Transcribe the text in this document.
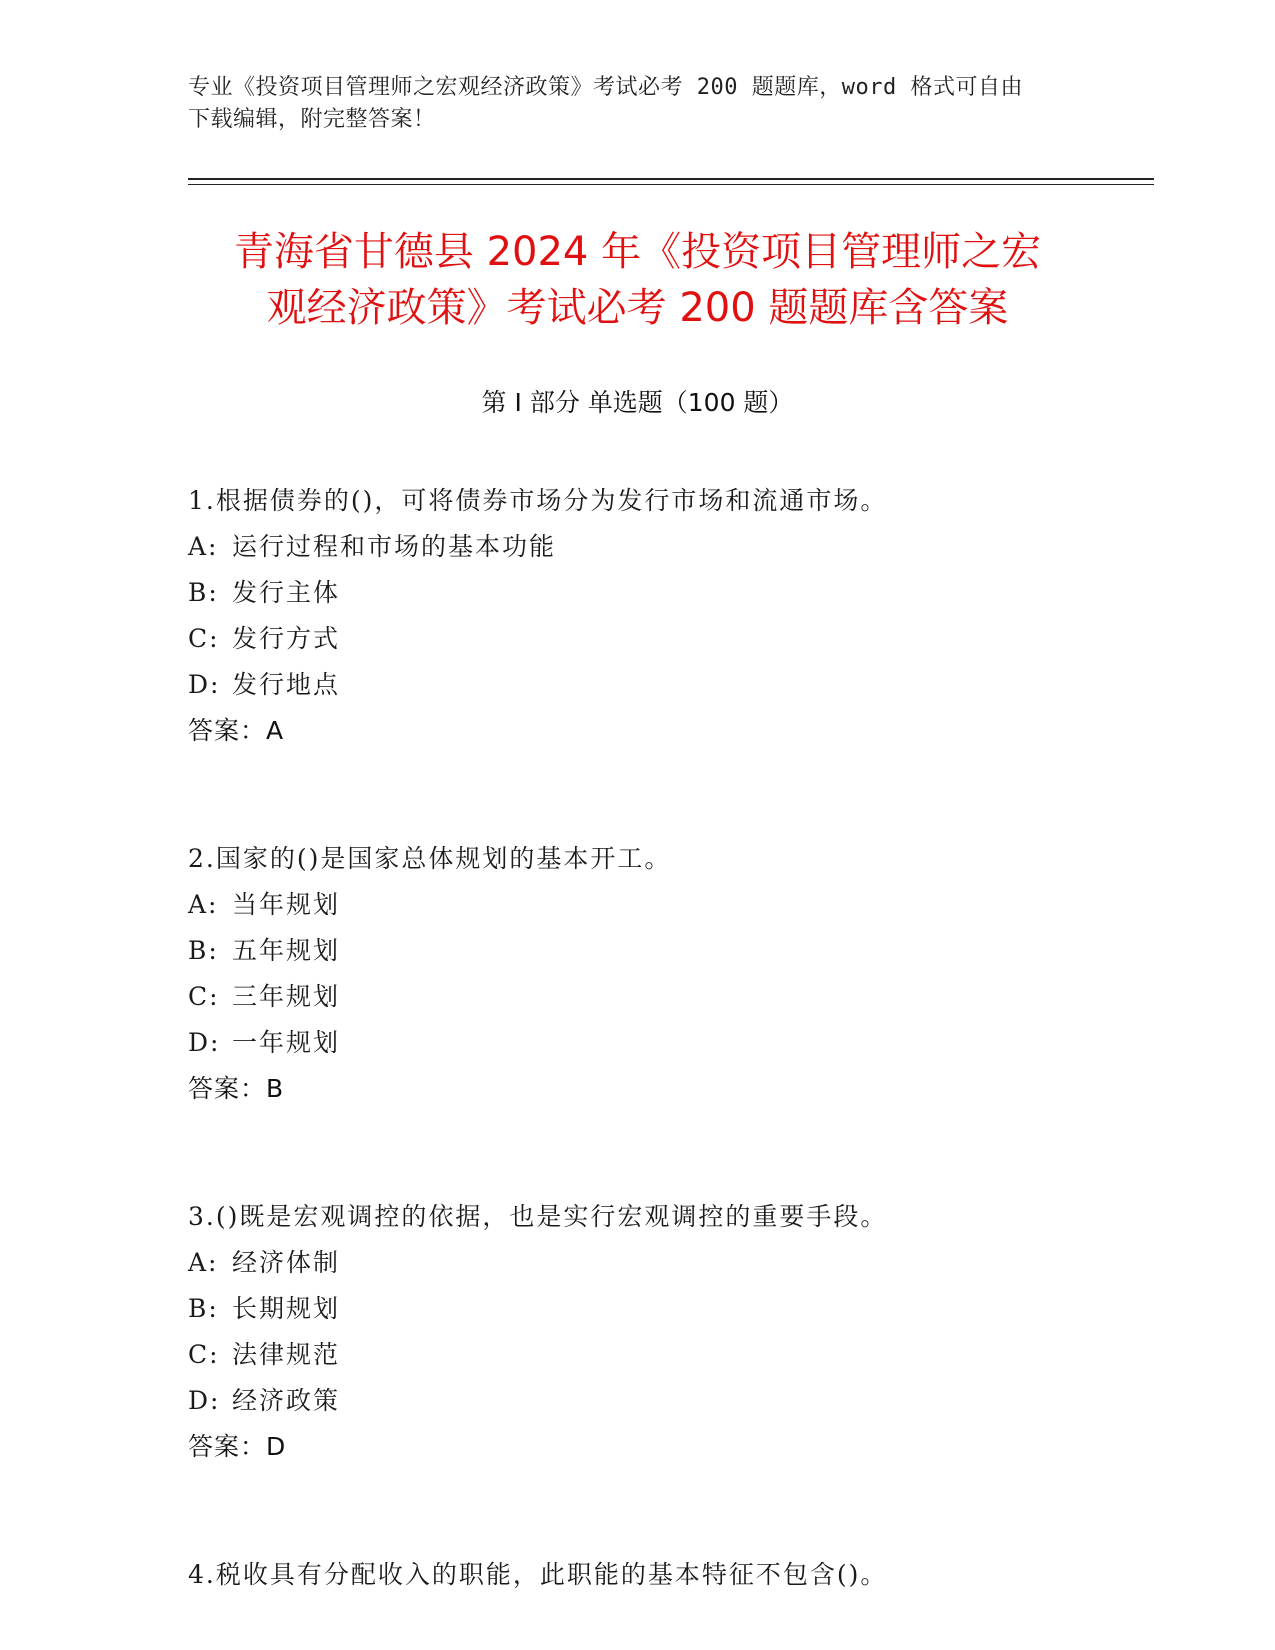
专业《投资项目管理师之宏观经济政策》考试必考 200 题题库，word 格式可自由
下载编辑，附完整答案！
青海省甘德县 2024 年《投资项目管理师之宏
观经济政策》考试必考 200 题题库含答案
第 I 部分 单选题（100 题）
1.根据债券的()，可将债券市场分为发行市场和流通市场。
A: 运行过程和市场的基本功能
B: 发行主体
C: 发行方式
D: 发行地点
答案：A
2.国家的()是国家总体规划的基本开工。
A: 当年规划
B: 五年规划
C: 三年规划
D: 一年规划
答案：B
3.()既是宏观调控的依据，也是实行宏观调控的重要手段。
A: 经济体制
B: 长期规划
C: 法律规范
D: 经济政策
答案：D
4.税收具有分配收入的职能，此职能的基本特征不包含()。
